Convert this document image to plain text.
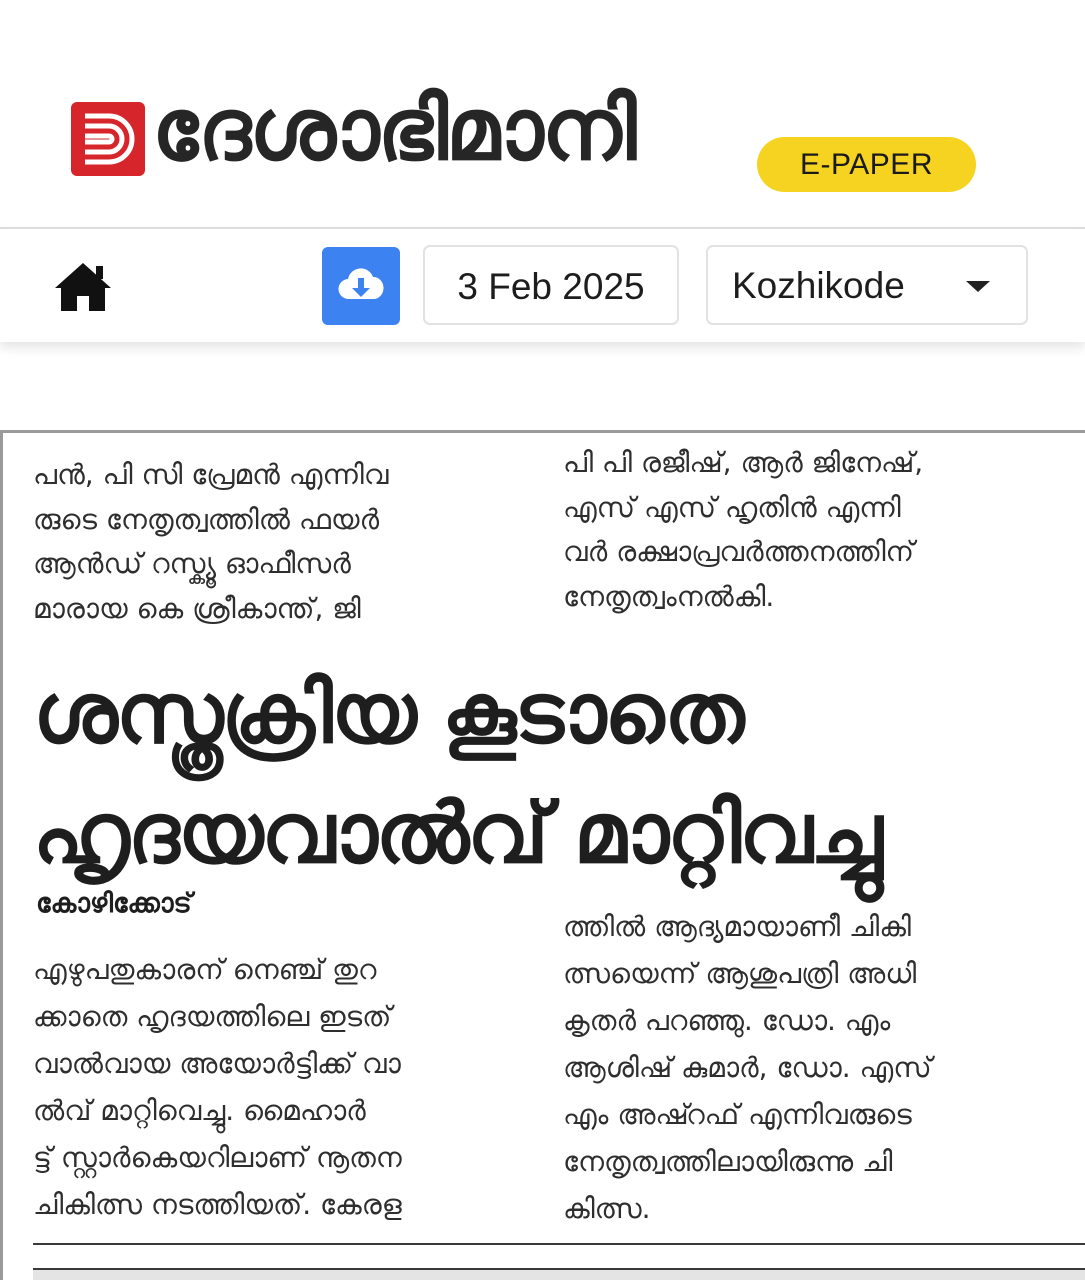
ദേശാഭിമാനി	E-PAPER
3 Feb 2025	Kozhikode
പൻ, പി സി പ്രേമൻ എന്നിവ
രുടെ നേതൃത്വത്തിൽ ഫയർ
ആൻഡ് റസ്ക്യൂ ഓഫീസർ
മാരായ കെ ശ്രീകാന്ത്, ജി
പി പി രജീഷ്, ആർ ജിനേഷ്,
എസ് എസ് ഹൃതിൻ എന്നി
വർ രക്ഷാപ്രവർത്തനത്തിന്
നേതൃത്വംനൽകി.
ശസ്ത്രക്രിയ കൂടാതെ
ഹൃദയവാൽവ് മാറ്റിവച്ചു
കോഴിക്കോട്
എഴുപതുകാരന് നെഞ്ച് തുറ
ക്കാതെ ഹൃദയത്തിലെ ഇടത്
വാൽവായ അയോർട്ടിക്ക് വാ
ൽവ് മാറ്റിവെച്ചു. മൈഹാർ
ട്ട് സ്റ്റാർകെയറിലാണ് നൂതന
ചികിത്സ നടത്തിയത്. കേരള
ത്തിൽ ആദ്യമായാണീ ചികി
ത്സയെന്ന് ആശുപത്രി അധി
കൃതർ പറഞ്ഞു. ഡോ. എം
ആശിഷ് കുമാർ, ഡോ. എസ്
എം അഷ്റഫ് എന്നിവരുടെ
നേതൃത്വത്തിലായിരുന്നു ചി
കിത്സ.
